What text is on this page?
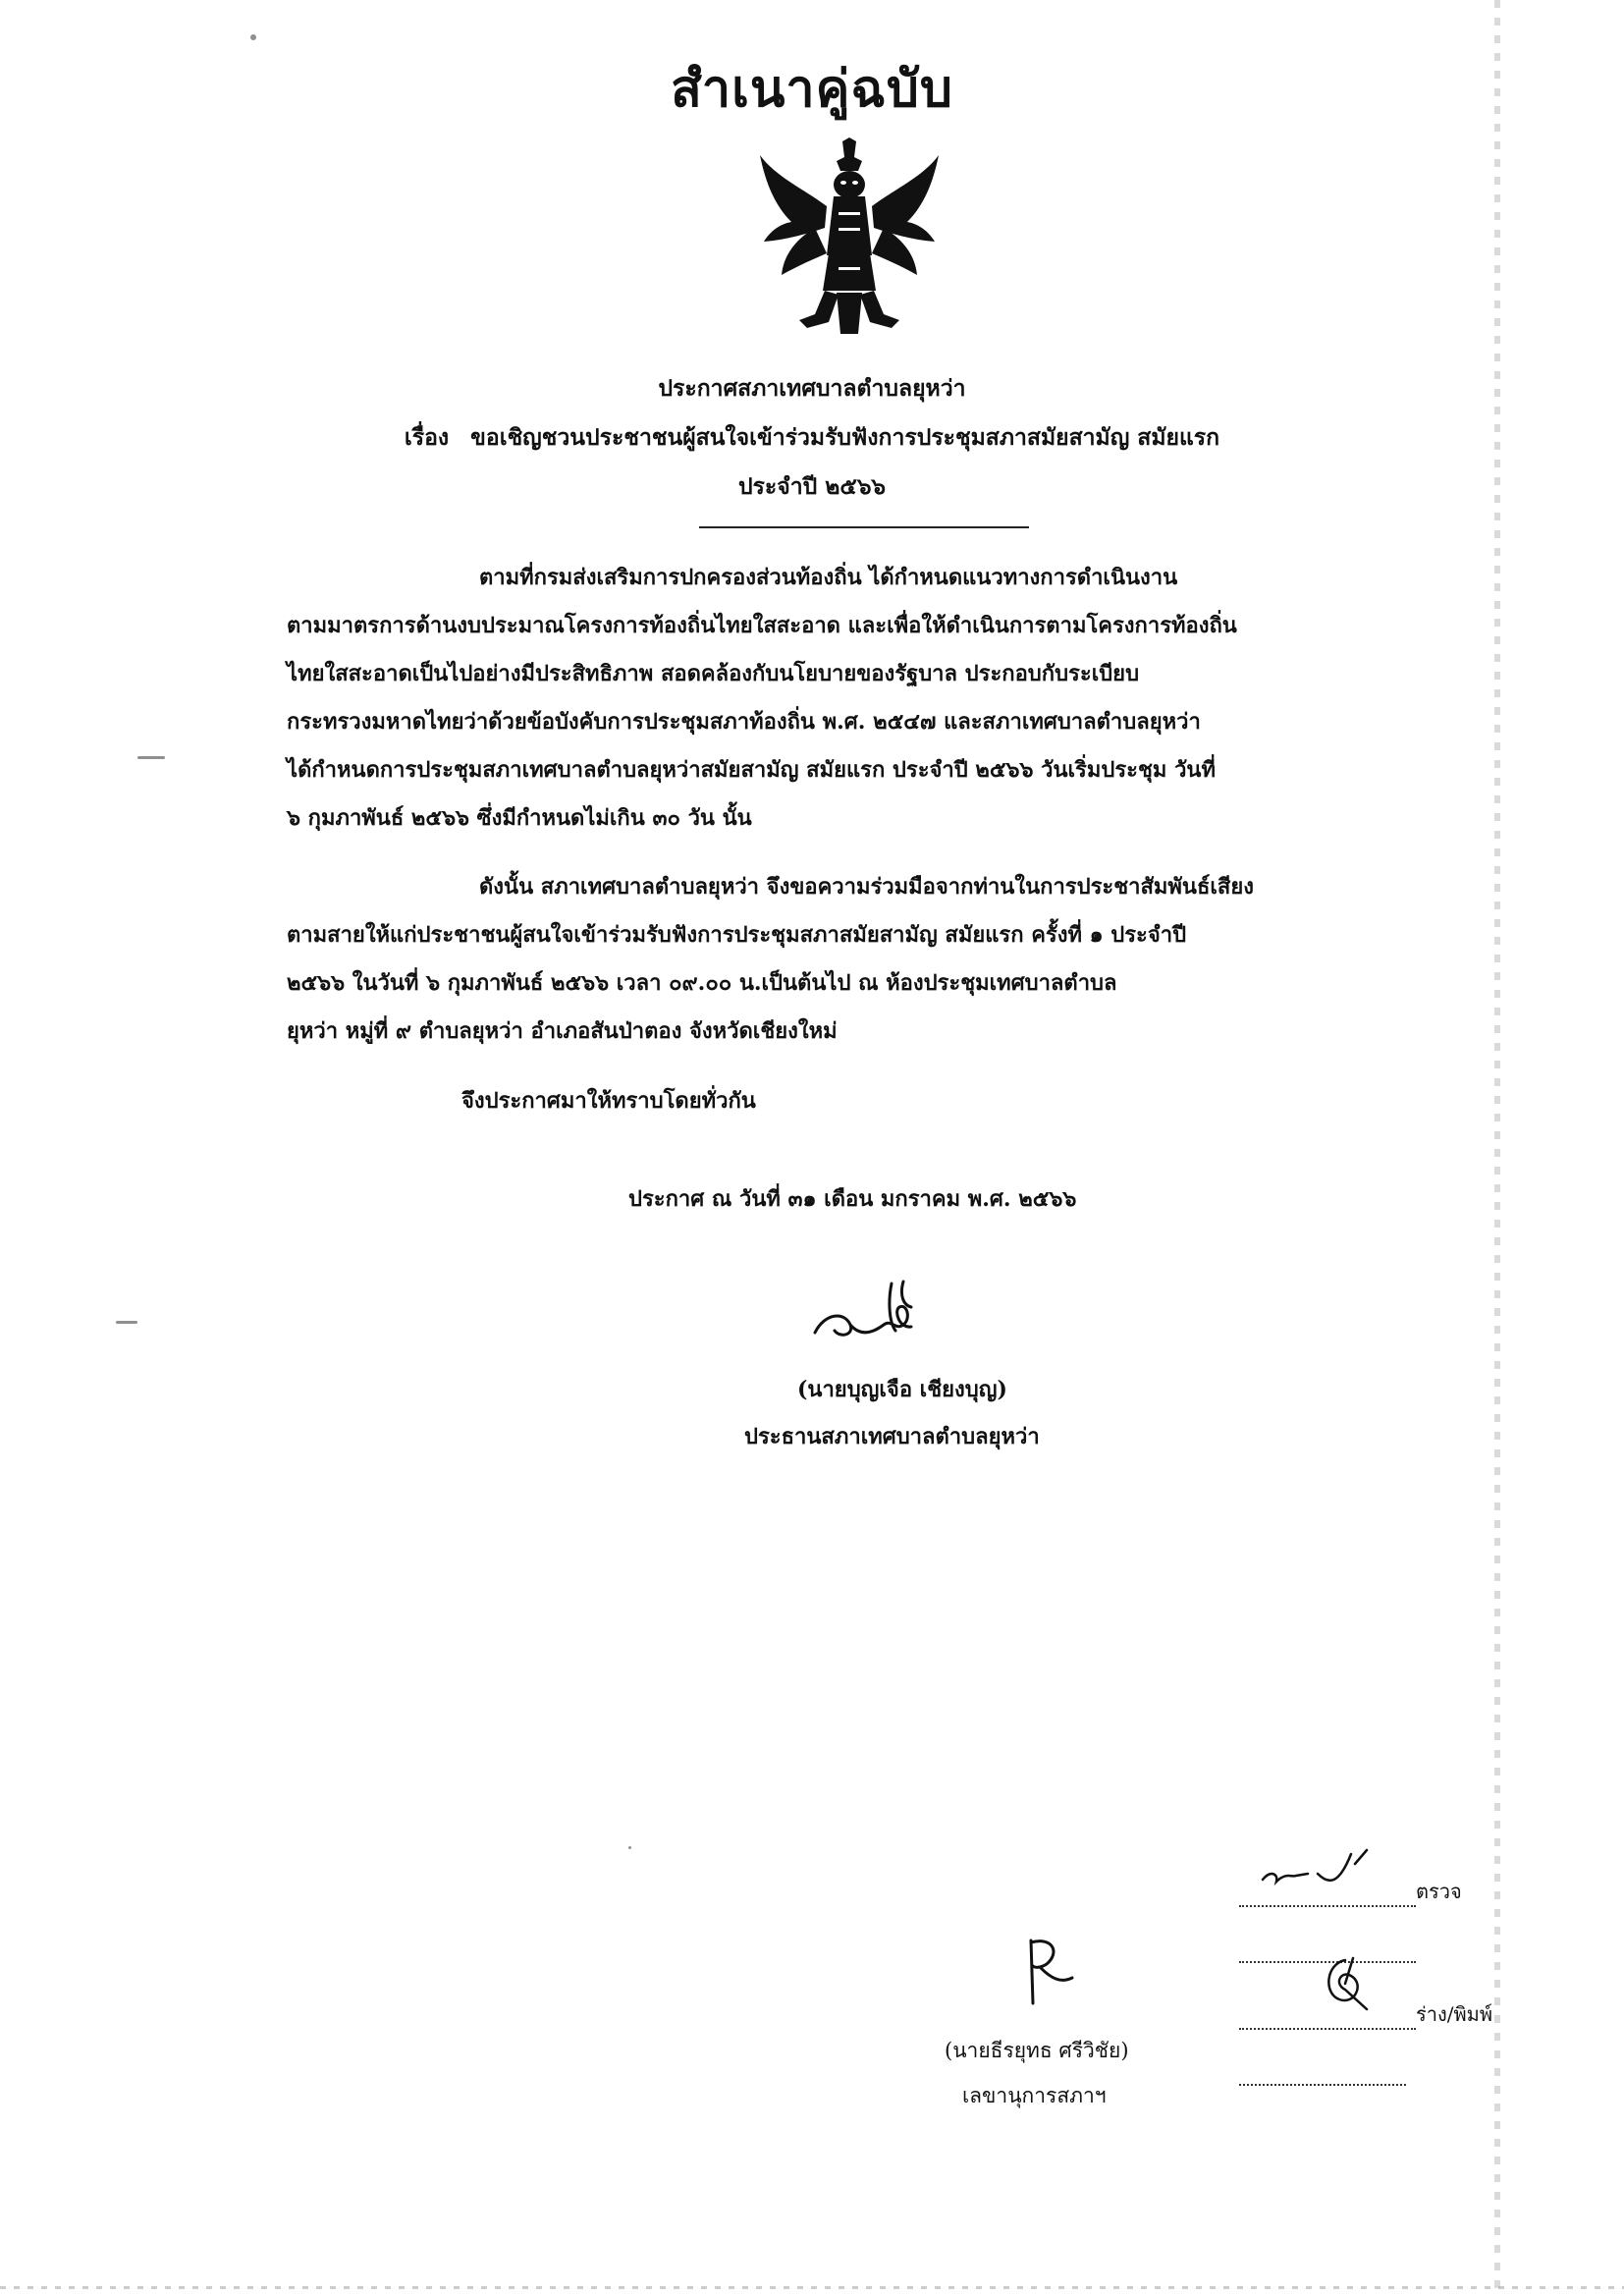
สำเนาคู่ฉบับ
ประกาศสภาเทศบาลตำบลยุหว่า
เรื่อง ขอเชิญชวนประชาชนผู้สนใจเข้าร่วมรับฟังการประชุมสภาสมัยสามัญ สมัยแรก
ประจำปี ๒๕๖๖
ตามที่กรมส่งเสริมการปกครองส่วนท้องถิ่น ได้กำหนดแนวทางการดำเนินงาน
ตามมาตรการด้านงบประมาณโครงการท้องถิ่นไทยใสสะอาด และเพื่อให้ดำเนินการตามโครงการท้องถิ่น
ไทยใสสะอาดเป็นไปอย่างมีประสิทธิภาพ สอดคล้องกับนโยบายของรัฐบาล ประกอบกับระเบียบ
กระทรวงมหาดไทยว่าด้วยข้อบังคับการประชุมสภาท้องถิ่น พ.ศ. ๒๕๔๗ และสภาเทศบาลตำบลยุหว่า
ได้กำหนดการประชุมสภาเทศบาลตำบลยุหว่าสมัยสามัญ สมัยแรก ประจำปี ๒๕๖๖ วันเริ่มประชุม วันที่
๖ กุมภาพันธ์ ๒๕๖๖ ซึ่งมีกำหนดไม่เกิน ๓๐ วัน นั้น
ดังนั้น สภาเทศบาลตำบลยุหว่า จึงขอความร่วมมือจากท่านในการประชาสัมพันธ์เสียง
ตามสายให้แก่ประชาชนผู้สนใจเข้าร่วมรับฟังการประชุมสภาสมัยสามัญ สมัยแรก ครั้งที่ ๑ ประจำปี
๒๕๖๖ ในวันที่ ๖ กุมภาพันธ์ ๒๕๖๖ เวลา ๐๙.๐๐ น.เป็นต้นไป ณ ห้องประชุมเทศบาลตำบล
ยุหว่า หมู่ที่ ๙ ตำบลยุหว่า อำเภอสันป่าตอง จังหวัดเชียงใหม่
จึงประกาศมาให้ทราบโดยทั่วกัน
ประกาศ ณ วันที่ ๓๑ เดือน มกราคม พ.ศ. ๒๕๖๖
(นายบุญเจือ เชียงบุญ)
ประธานสภาเทศบาลตำบลยุหว่า
(นายธีรยุทธ ศรีวิชัย)
เลขานุการสภาฯ
ตรวจ
ร่าง/พิมพ์
